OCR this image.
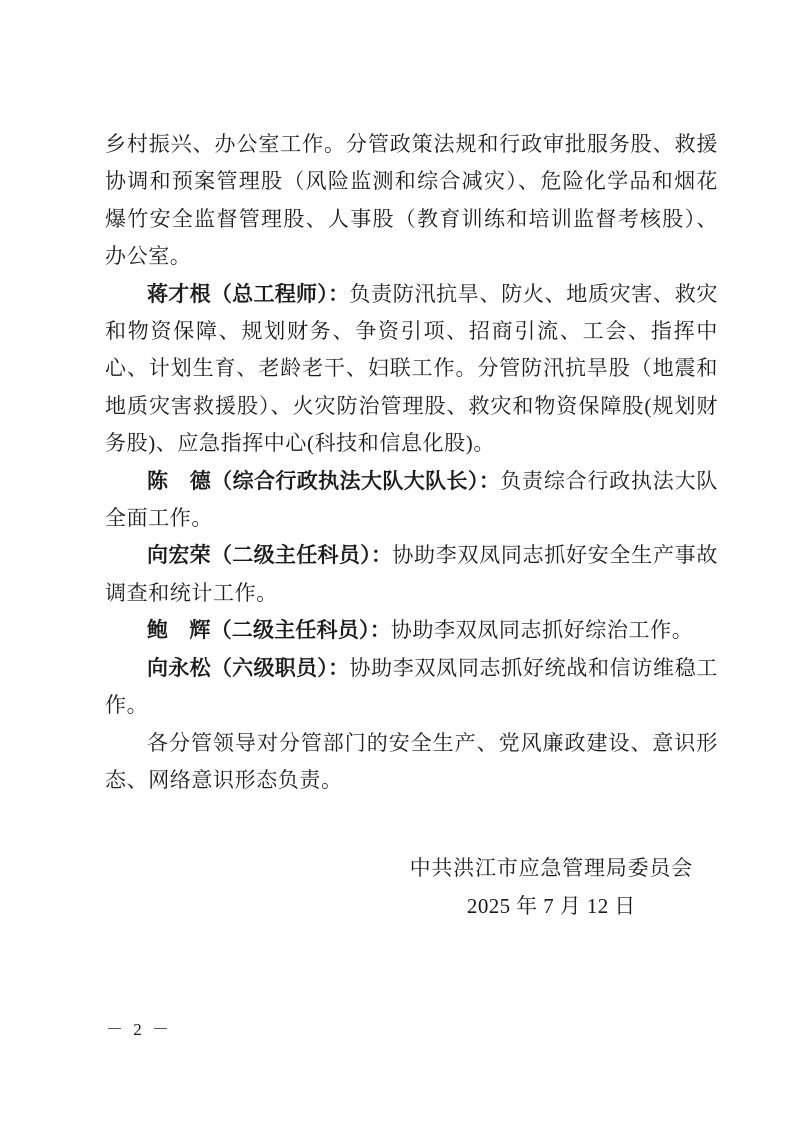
乡村振兴、办公室工作。分管政策法规和行政审批服务股、救援协调和预案管理股（风险监测和综合减灾）、危险化学品和烟花爆竹安全监督管理股、人事股（教育训练和培训监督考核股）、办公室。

蒋才根（总工程师）：负责防汛抗旱、防火、地质灾害、救灾和物资保障、规划财务、争资引项、招商引流、工会、指挥中心、计划生育、老龄老干、妇联工作。分管防汛抗旱股（地震和地质灾害救援股）、火灾防治管理股、救灾和物资保障股(规划财务股)、应急指挥中心(科技和信息化股)。

陈　德（综合行政执法大队大队长）：负责综合行政执法大队全面工作。

向宏荣（二级主任科员）：协助李双凤同志抓好安全生产事故调查和统计工作。

鲍　辉（二级主任科员）：协助李双凤同志抓好综治工作。

向永松（六级职员）：协助李双凤同志抓好统战和信访维稳工作。

各分管领导对分管部门的安全生产、党风廉政建设、意识形态、网络意识形态负责。

中共洪江市应急管理局委员会
2025 年 7 月 12 日
－ 2 －
